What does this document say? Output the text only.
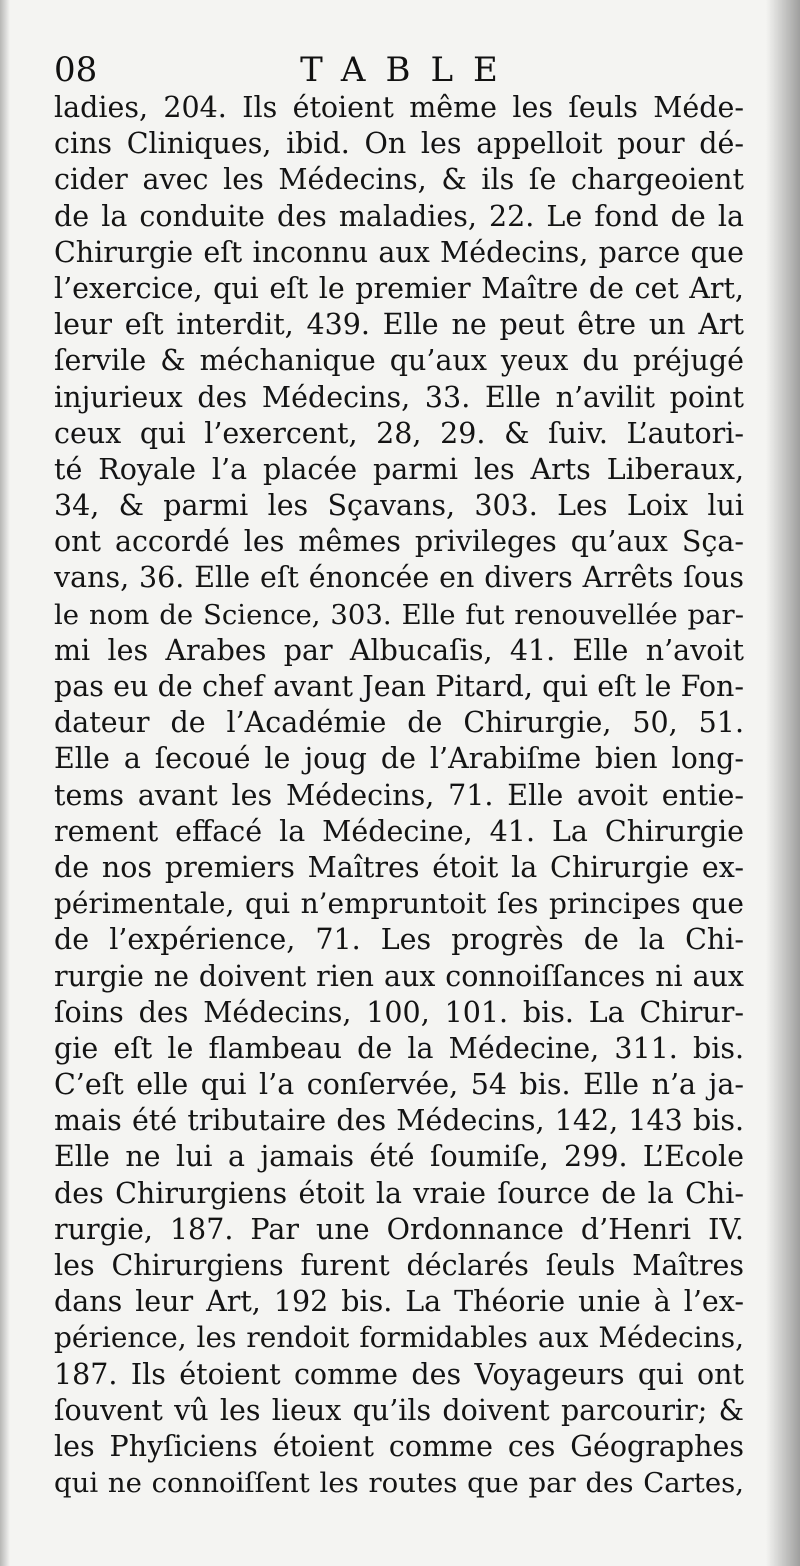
08	TABLE
ladies, 204. Ils étoient même les ſeuls Méde-
cins Cliniques, ibid. On les appelloit pour dé-
cider avec les Médecins, & ils ſe chargeoient
de la conduite des maladies, 22. Le fond de la
Chirurgie eſt inconnu aux Médecins, parce que
l’exercice, qui eſt le premier Maître de cet Art,
leur eſt interdit, 439. Elle ne peut être un Art
ſervile & méchanique qu’aux yeux du préjugé
injurieux des Médecins, 33. Elle n’avilit point
ceux qui l’exercent, 28, 29. & ſuiv. L’autori-
té Royale l’a placée parmi les Arts Liberaux,
34, & parmi les Sçavans, 303. Les Loix lui
ont accordé les mêmes privileges qu’aux Sça-
vans, 36. Elle eſt énoncée en divers Arrêts ſous
le nom de Science, 303. Elle fut renouvellée par-
mi les Arabes par Albucaſis, 41. Elle n’avoit
pas eu de chef avant Jean Pitard, qui eſt le Fon-
dateur de l’Académie de Chirurgie, 50, 51.
Elle a ſecoué le joug de l’Arabiſme bien long-
tems avant les Médecins, 71. Elle avoit entie-
rement effacé la Médecine, 41. La Chirurgie
de nos premiers Maîtres étoit la Chirurgie ex-
périmentale, qui n’empruntoit ſes principes que
de l’expérience, 71. Les progrès de la Chi-
rurgie ne doivent rien aux connoiſſances ni aux
ſoins des Médecins, 100, 101. bis. La Chirur-
gie eſt le flambeau de la Médecine, 311. bis.
C’eſt elle qui l’a conſervée, 54 bis. Elle n’a ja-
mais été tributaire des Médecins, 142, 143 bis.
Elle ne lui a jamais été ſoumiſe, 299. L’Ecole
des Chirurgiens étoit la vraie ſource de la Chi-
rurgie, 187. Par une Ordonnance d’Henri IV.
les Chirurgiens furent déclarés ſeuls Maîtres
dans leur Art, 192 bis. La Théorie unie à l’ex-
périence, les rendoit formidables aux Médecins,
187. Ils étoient comme des Voyageurs qui ont
ſouvent vû les lieux qu’ils doivent parcourir; &
les Phyſiciens étoient comme ces Géographes
qui ne connoiſſent les routes que par des Cartes,
